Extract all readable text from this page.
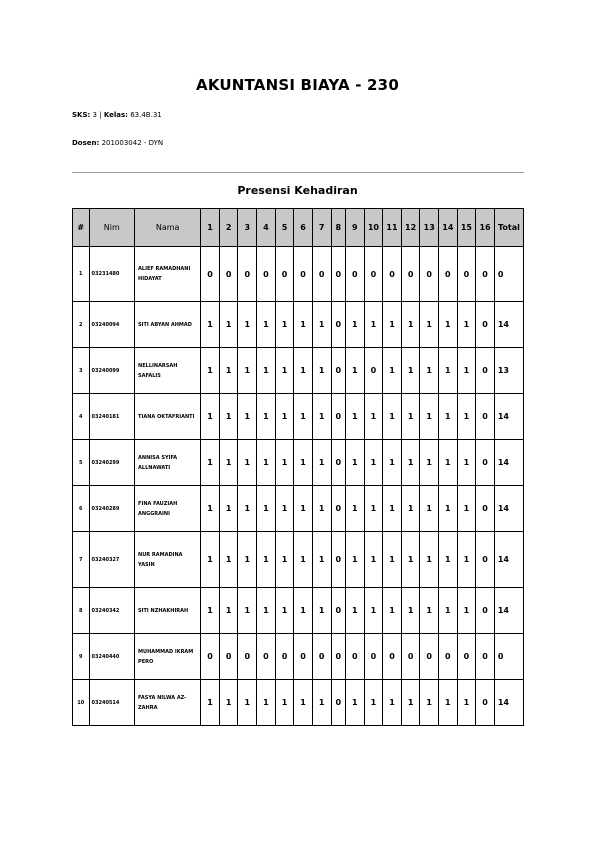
AKUNTANSI BIAYA - 230
SKS: 3 | Kelas: 63.4B.31
Dosen: 201003042 - DYN
Presensi Kehadiran
#	Nim	Nama	1	2	3	4	5	6	7	8	9	10	11	12	13	14	15	16	Total
1	03231480	ALIEF RAMADHANI HIDAYAT	0	0	0	0	0	0	0	0	0	0	0	0	0	0	0	0	0
2	03240094	SITI ABYAN AHMAD	1	1	1	1	1	1	1	0	1	1	1	1	1	1	1	0	14
3	03240099	NELLINARSAH SAFALIS	1	1	1	1	1	1	1	0	1	0	1	1	1	1	1	0	13
4	03240181	TIANA OKTAFRIANTI	1	1	1	1	1	1	1	0	1	1	1	1	1	1	1	0	14
5	03240299	ANNISA SYIFA ALLNAWATI	1	1	1	1	1	1	1	0	1	1	1	1	1	1	1	0	14
6	03240289	FINA FAUZIAH ANGGRAINI	1	1	1	1	1	1	1	0	1	1	1	1	1	1	1	0	14
7	03240327	NUR RAMADINA YASIN	1	1	1	1	1	1	1	0	1	1	1	1	1	1	1	0	14
8	03240342	SITI NZHAKHIRAH	1	1	1	1	1	1	1	0	1	1	1	1	1	1	1	0	14
9	03240440	MUHAMMAD IKRAM PERO	0	0	0	0	0	0	0	0	0	0	0	0	0	0	0	0	0
10	03240514	FASYA NILWA AZ-ZAHRA	1	1	1	1	1	1	1	0	1	1	1	1	1	1	1	0	14
